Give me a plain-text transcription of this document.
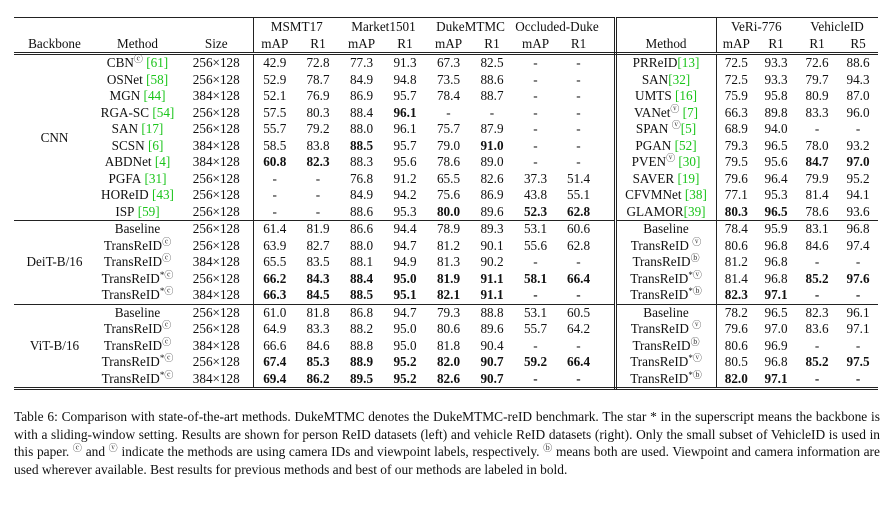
			MSMT17		Market1501		DukeMTMC		Occluded-Duke				VeRi-776		VehicleID	
Backbone	Method	Size	mAP	R1	mAP	R1	mAP	R1	mAP	R1		Method	mAP	R1	R1	R5
CNN	CBNⓒ [61]	256×128	42.9	72.8	77.3	91.3	67.3	82.5	-	-		PRReID[13]	72.5	93.3	72.6	88.6
	OSNet [58]	256×128	52.9	78.7	84.9	94.8	73.5	88.6	-	-		SAN[32]	72.5	93.3	79.7	94.3
	MGN [44]	384×128	52.1	76.9	86.9	95.7	78.4	88.7	-	-		UMTS [16]	75.9	95.8	80.9	87.0
	RGA-SC [54]	256×128	57.5	80.3	88.4	96.1	-	-	-	-		VANetⓥ [7]	66.3	89.8	83.3	96.0
	SAN [17]	256×128	55.7	79.2	88.0	96.1	75.7	87.9	-	-		SPAN ⓥ[5]	68.9	94.0	-	-
	SCSN [6]	384×128	58.5	83.8	88.5	95.7	79.0	91.0	-	-		PGAN [52]	79.3	96.5	78.0	93.2
	ABDNet [4]	384×128	60.8	82.3	88.3	95.6	78.6	89.0	-	-		PVENⓥ [30]	79.5	95.6	84.7	97.0
	PGFA [31]	256×128	-	-	76.8	91.2	65.5	82.6	37.3	51.4		SAVER [19]	79.6	96.4	79.9	95.2
	HOReID [43]	256×128	-	-	84.9	94.2	75.6	86.9	43.8	55.1		CFVMNet [38]	77.1	95.3	81.4	94.1
	ISP [59]	256×128	-	-	88.6	95.3	80.0	89.6	52.3	62.8		GLAMOR[39]	80.3	96.5	78.6	93.6
DeiT-B/16	Baseline	256×128	61.4	81.9	86.6	94.4	78.9	89.3	53.1	60.6		Baseline	78.4	95.9	83.1	96.8
	TransReIDⓒ	256×128	63.9	82.7	88.0	94.7	81.2	90.1	55.6	62.8		TransReID ⓥ	80.6	96.8	84.6	97.4
	TransReIDⓒ	384×128	65.5	83.5	88.1	94.9	81.3	90.2	-	-		TransReIDⓑ	81.2	96.8	-	-
	TransReID*ⓒ	256×128	66.2	84.3	88.4	95.0	81.9	91.1	58.1	66.4		TransReID*ⓥ	81.4	96.8	85.2	97.6
	TransReID*ⓒ	384×128	66.3	84.5	88.5	95.1	82.1	91.1	-	-		TransReID*ⓑ	82.3	97.1	-	-
ViT-B/16	Baseline	256×128	61.0	81.8	86.8	94.7	79.3	88.8	53.1	60.5		Baseline	78.2	96.5	82.3	96.1
	TransReIDⓒ	256×128	64.9	83.3	88.2	95.0	80.6	89.6	55.7	64.2		TransReID ⓥ	79.6	97.0	83.6	97.1
	TransReIDⓒ	384×128	66.6	84.6	88.8	95.0	81.8	90.4	-	-		TransReIDⓑ	80.6	96.9	-	-
	TransReID*ⓒ	256×128	67.4	85.3	88.9	95.2	82.0	90.7	59.2	66.4		TransReID*ⓥ	80.5	96.8	85.2	97.5
	TransReID*ⓒ	384×128	69.4	86.2	89.5	95.2	82.6	90.7	-	-		TransReID*ⓑ	82.0	97.1	-	-
Table 6: Comparison with state-of-the-art methods. DukeMTMC denotes the DukeMTMC-reID benchmark. The star * in the superscript means the backbone is with a sliding-window setting. Results are shown for person ReID datasets (left) and vehicle ReID datasets (right). Only the small subset of VehicleID is used in this paper. ⓒ and ⓥ indicate the methods are using camera IDs and viewpoint labels, respectively. ⓑ means both are used. Viewpoint and camera information are used wherever available. Best results for previous methods and best of our methods are labeled in bold.
